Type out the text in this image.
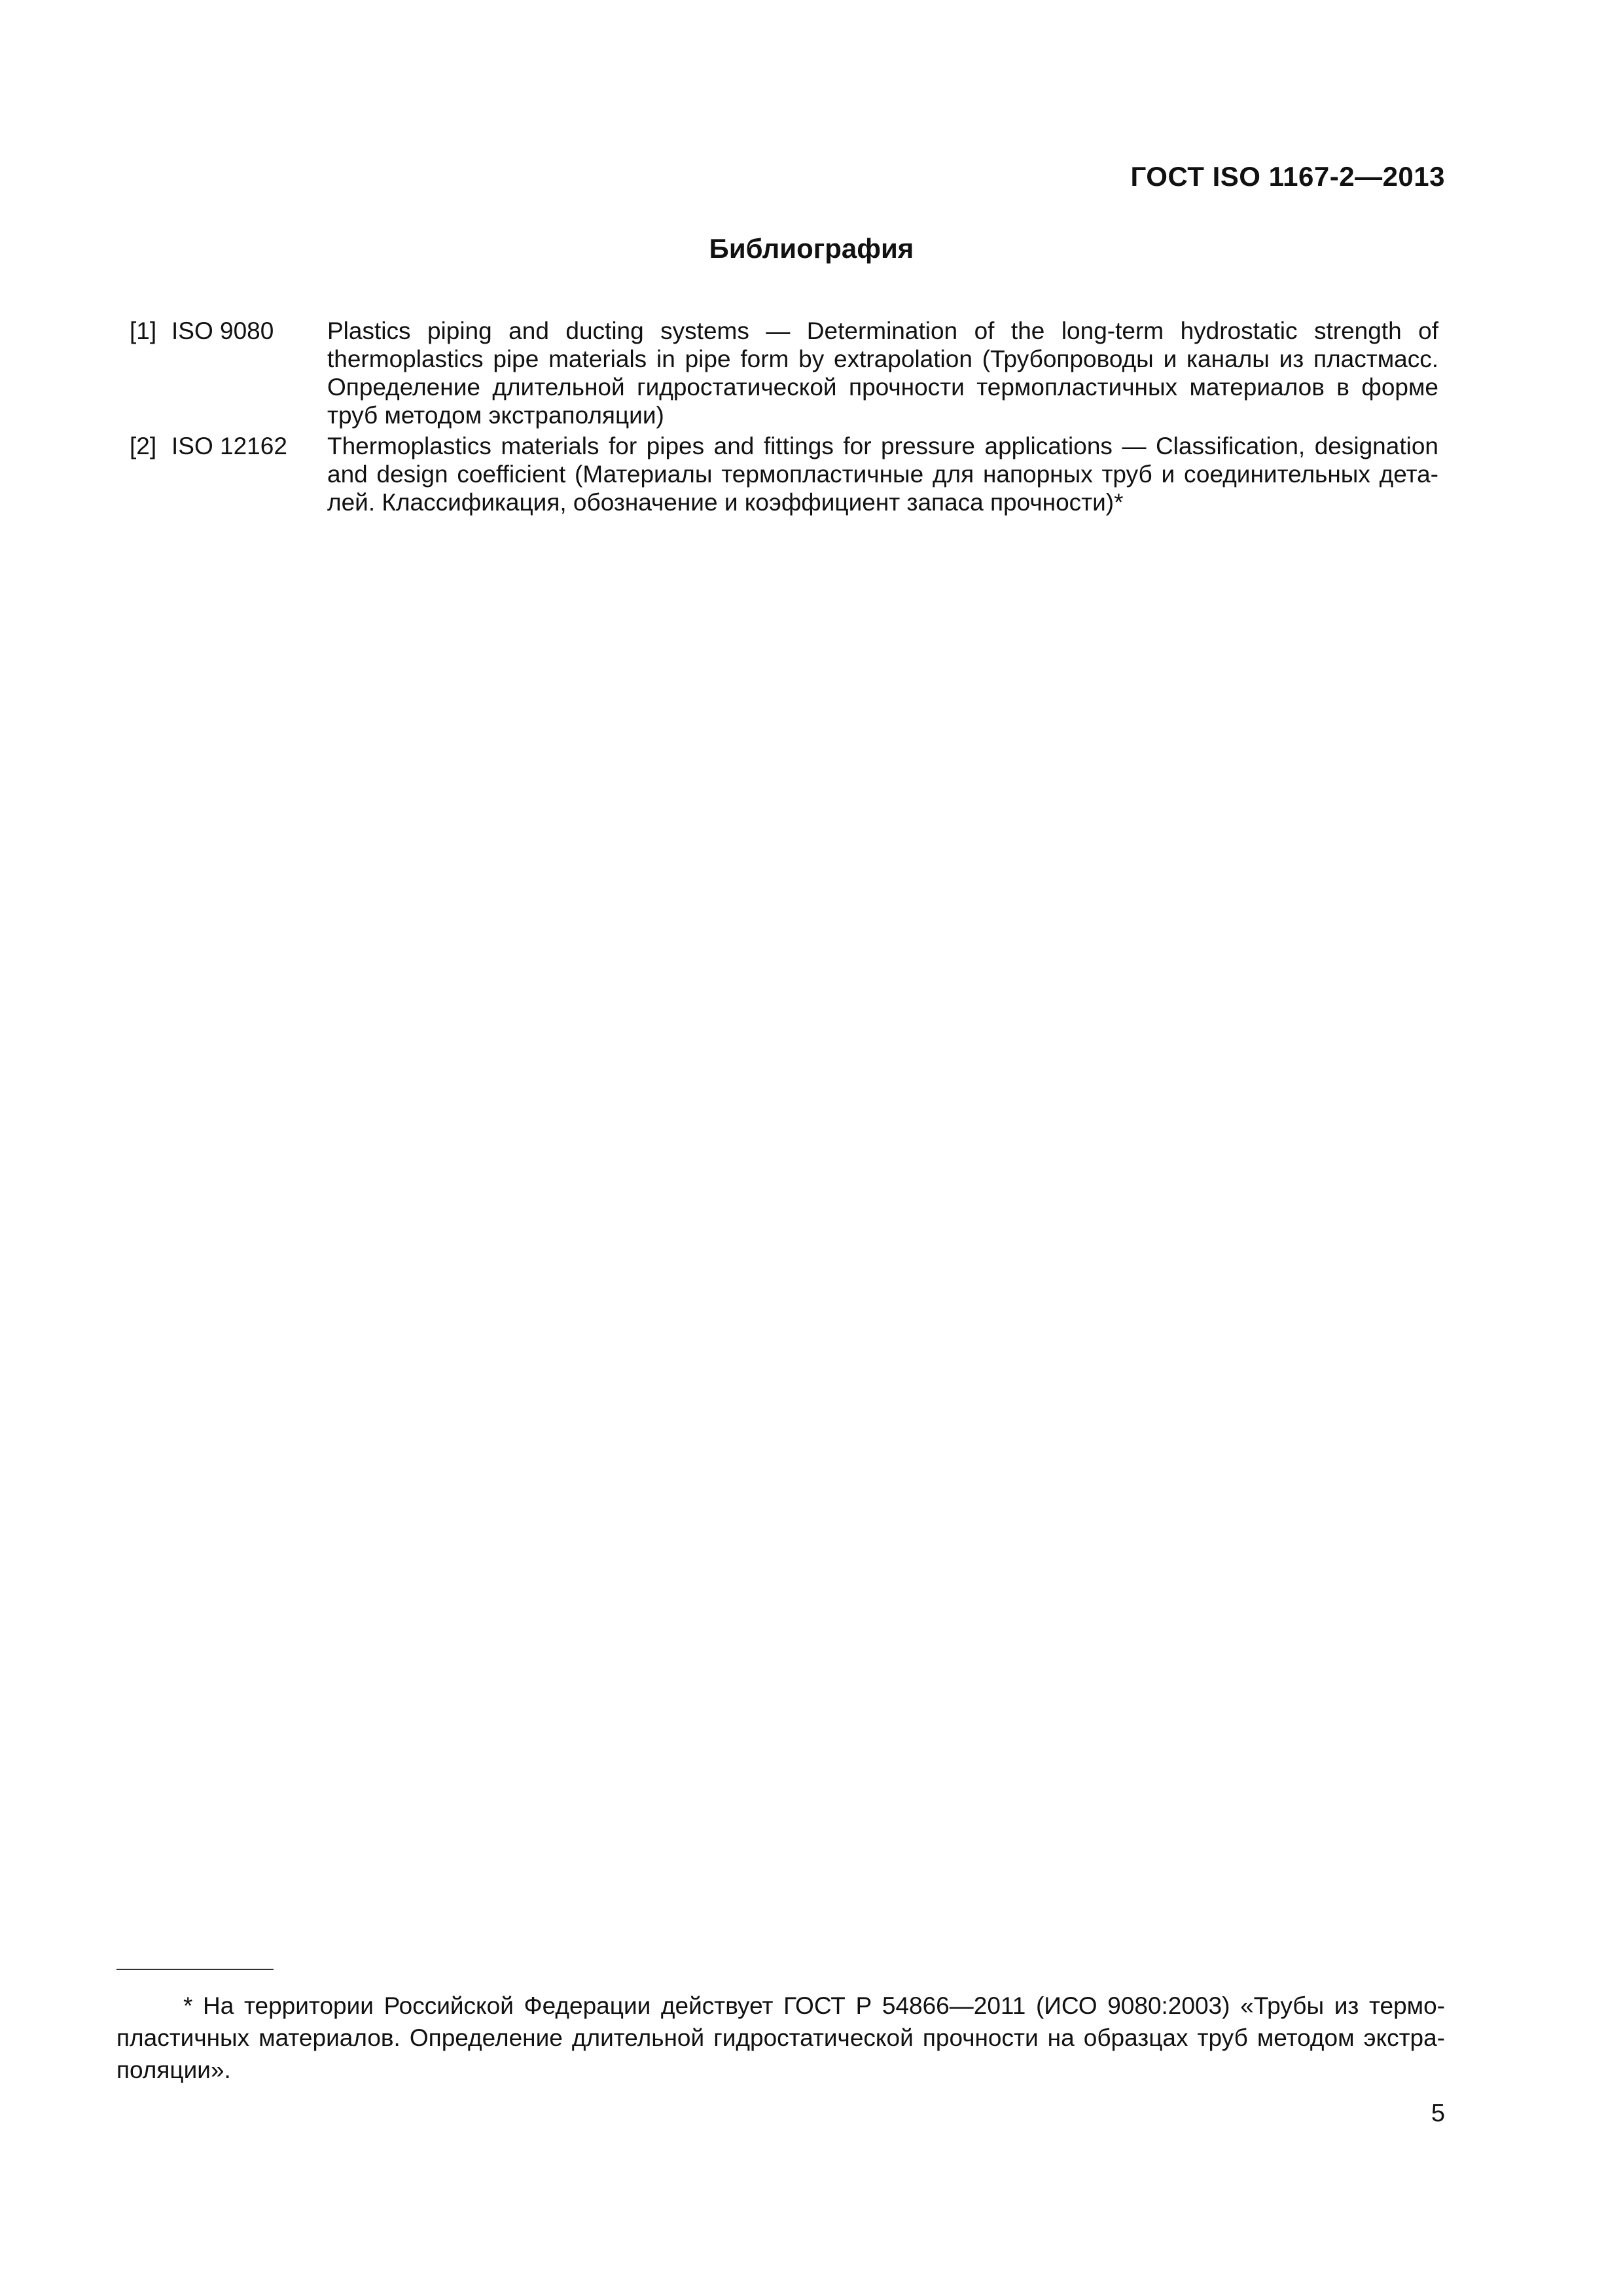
ГОСТ ISO 1167-2—2013
Библиография
[1] ISO 9080	Plastics piping and ducting systems — Determination of the long-term hydrostatic strength of thermoplastics pipe materials in pipe form by extrapolation (Трубопроводы и каналы из пластмасс. Определение длительной гидростатической прочности термопластичных материалов в форме труб методом экстраполяции)
[2] ISO 12162	Thermoplastics materials for pipes and fittings for pressure applications — Classification, designation and design coefficient (Материалы термопластичные для напорных труб и соединительных дета-лей. Классификация, обозначение и коэффициент запаса прочности)*
* На территории Российской Федерации действует ГОСТ Р 54866—2011 (ИСО 9080:2003) «Трубы из термо-пластичных материалов. Определение длительной гидростатической прочности на образцах труб методом экстра-поляции».
5
